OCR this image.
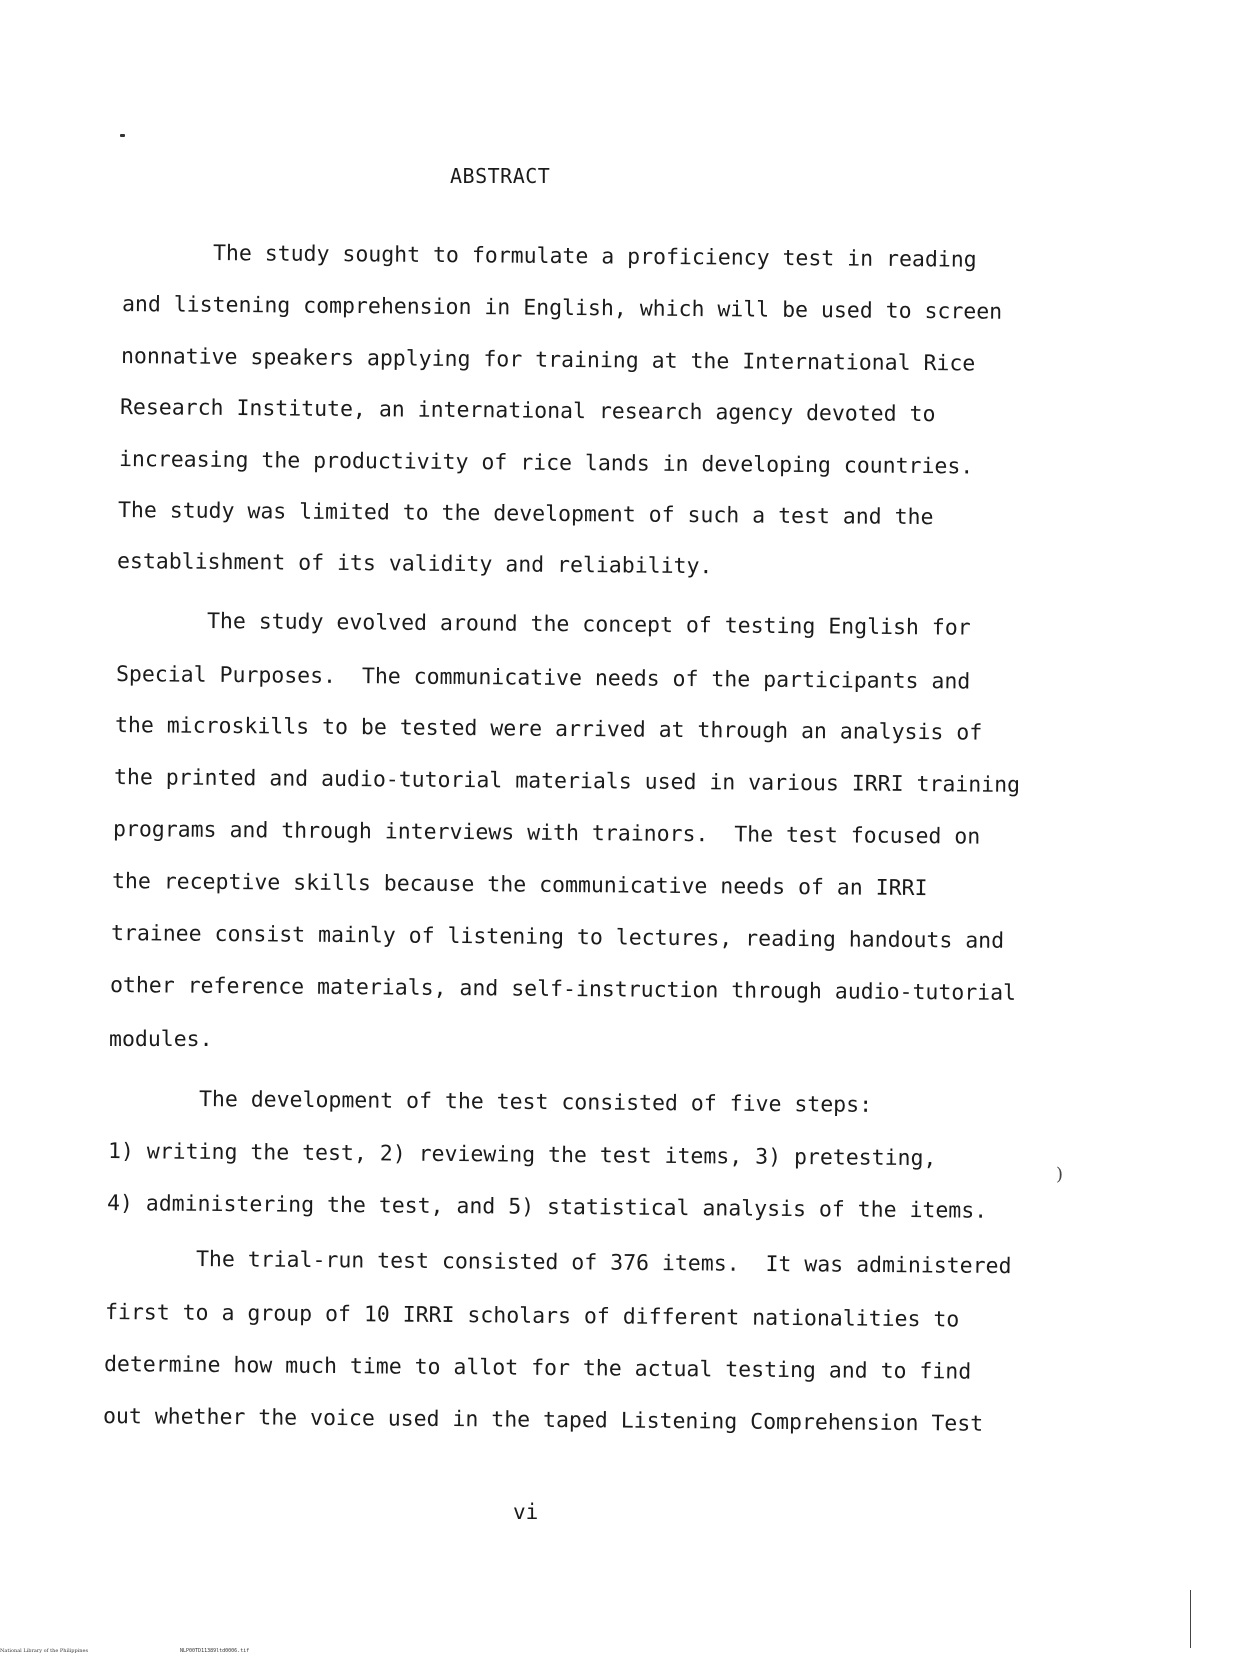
ABSTRACT
The study sought to formulate a proficiency test in reading
and listening comprehension in English, which will be used to screen
nonnative speakers applying for training at the International Rice
Research Institute, an international research agency devoted to
increasing the productivity of rice lands in developing countries.
The study was limited to the development of such a test and the
establishment of its validity and reliability.
The study evolved around the concept of testing English for
Special Purposes.  The communicative needs of the participants and
the microskills to be tested were arrived at through an analysis of
the printed and audio-tutorial materials used in various IRRI training
programs and through interviews with trainors.  The test focused on
the receptive skills because the communicative needs of an IRRI
trainee consist mainly of listening to lectures, reading handouts and
other reference materials, and self-instruction through audio-tutorial
modules.
The development of the test consisted of five steps:
1) writing the test, 2) reviewing the test items, 3) pretesting,
4) administering the test, and 5) statistical analysis of the items.
The trial-run test consisted of 376 items.  It was administered
first to a group of 10 IRRI scholars of different nationalities to
determine how much time to allot for the actual testing and to find
out whether the voice used in the taped Listening Comprehension Test
)
vi
National Library of the Philippines	NLP00TD11389ltd0006.tif
